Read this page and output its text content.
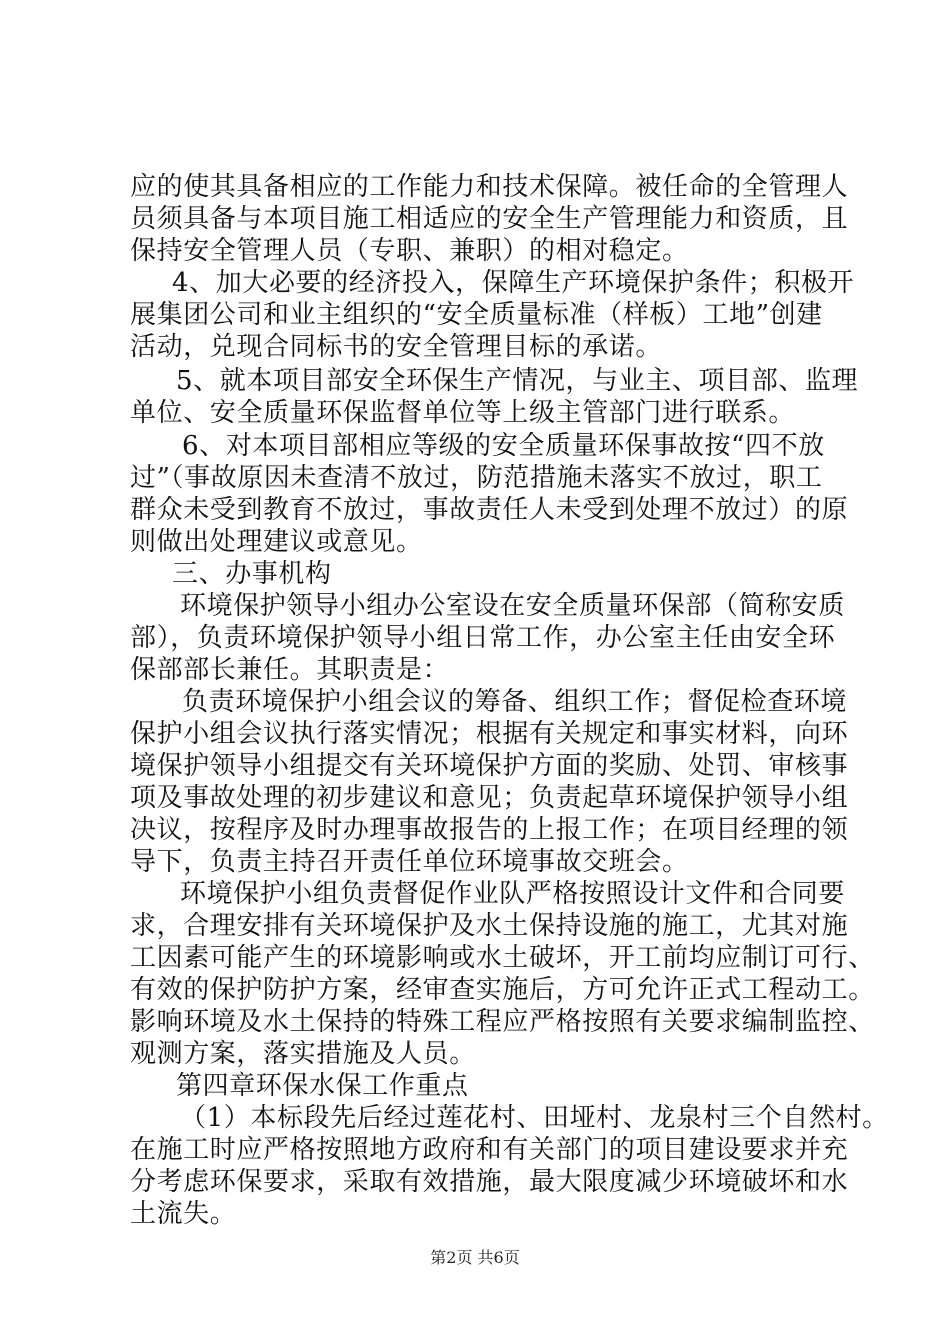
应的使其具备相应的工作能力和技术保障。被任命的全管理人
员须具备与本项目施工相适应的安全生产管理能力和资质，且
保持安全管理人员（专职、兼职）的相对稳定。
4、加大必要的经济投入，保障生产环境保护条件；积极开
展集团公司和业主组织的“安全质量标准（样板）工地”创建
活动，兑现合同标书的安全管理目标的承诺。
5、就本项目部安全环保生产情况，与业主、项目部、监理
单位、安全质量环保监督单位等上级主管部门进行联系。
6、对本项目部相应等级的安全质量环保事故按“四不放
过”（事故原因未查清不放过，防范措施未落实不放过，职工
群众未受到教育不放过，事故责任人未受到处理不放过）的原
则做出处理建议或意见。
三、办事机构
环境保护领导小组办公室设在安全质量环保部（简称安质
部），负责环境保护领导小组日常工作，办公室主任由安全环
保部部长兼任。其职责是：
负责环境保护小组会议的筹备、组织工作；督促检查环境
保护小组会议执行落实情况；根据有关规定和事实材料，向环
境保护领导小组提交有关环境保护方面的奖励、处罚、审核事
项及事故处理的初步建议和意见；负责起草环境保护领导小组
决议，按程序及时办理事故报告的上报工作；在项目经理的领
导下，负责主持召开责任单位环境事故交班会。
环境保护小组负责督促作业队严格按照设计文件和合同要
求，合理安排有关环境保护及水土保持设施的施工，尤其对施
工因素可能产生的环境影响或水土破坏，开工前均应制订可行、
有效的保护防护方案，经审查实施后，方可允许正式工程动工。
影响环境及水土保持的特殊工程应严格按照有关要求编制监控、
观测方案，落实措施及人员。
第四章环保水保工作重点
（1）本标段先后经过莲花村、田垭村、龙泉村三个自然村。
在施工时应严格按照地方政府和有关部门的项目建设要求并充
分考虑环保要求，采取有效措施，最大限度减少环境破坏和水
土流失。
第2页 共6页
